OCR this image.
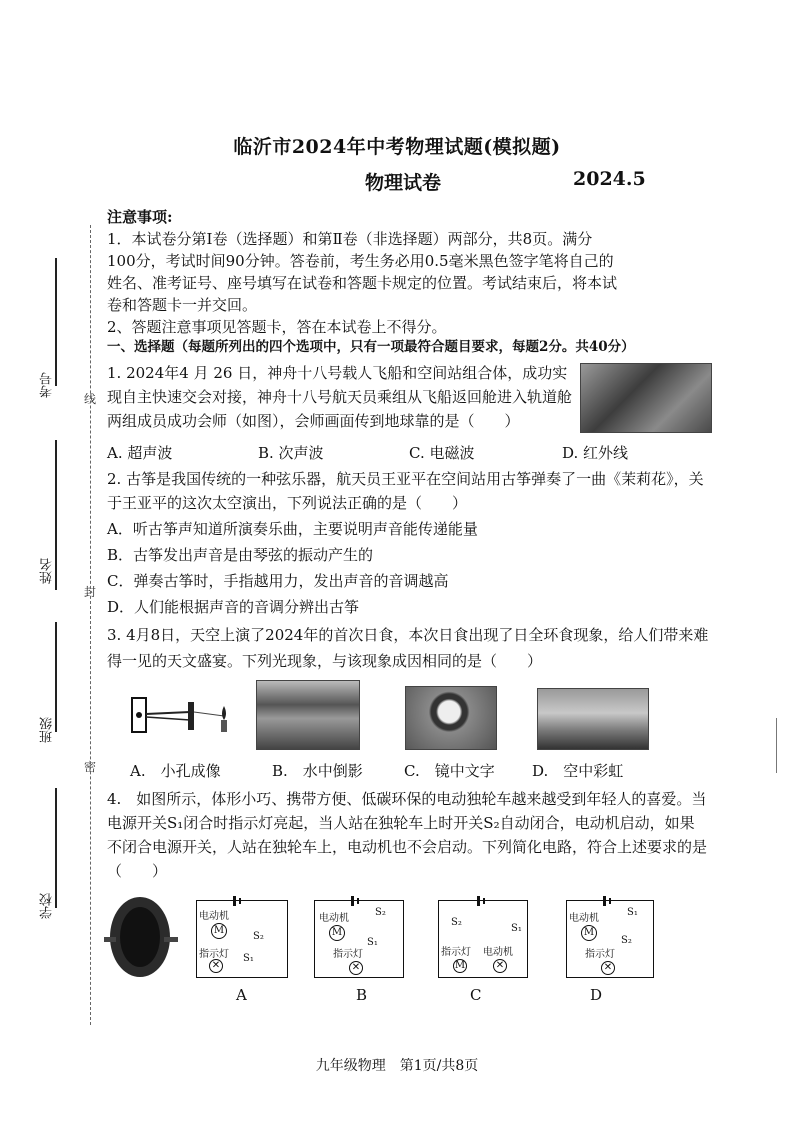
临沂市2024年中考物理试题(模拟题)
物理试卷	2024.5
考号
姓名
班级
学校
线
封
密
注意事项:
1．本试卷分第Ⅰ卷（选择题）和第Ⅱ卷（非选择题）两部分，共8页。满分
100分，考试时间90分钟。答卷前，考生务必用0.5毫米黑色签字笔将自己的
姓名、准考证号、座号填写在试卷和答题卡规定的位置。考试结束后，将本试
卷和答题卡一并交回。
2、答题注意事项见答题卡，答在本试卷上不得分。
一、选择题（每题所列出的四个选项中，只有一项最符合题目要求，每题2分。共40分）
1. 2024年4 月 26 日，神舟十八号载人飞船和空间站组合体，成功实
现自主快速交会对接，神舟十八号航天员乘组从飞船返回舱进入轨道舱
两组成员成功会师（如图），会师画面传到地球靠的是（　　）
A. 超声波	B. 次声波	C. 电磁波	D. 红外线
2. 古筝是我国传统的一种弦乐器，航天员王亚平在空间站用古筝弹奏了一曲《茉莉花》，关
于王亚平的这次太空演出，下列说法正确的是（　　）
A．听古筝声知道所演奏乐曲，主要说明声音能传递能量
B．古筝发出声音是由琴弦的振动产生的
C．弹奏古筝时，手指越用力，发出声音的音调越高
D．人们能根据声音的音调分辨出古筝
3. 4月8日，天空上演了2024年的首次日食，本次日食出现了日全环食现象，给人们带来难
得一见的天文盛宴。下列光现象，与该现象成因相同的是（　　）
A.　小孔成像	B.　水中倒影	C.　镜中文字 D.　空中彩虹
4.　如图所示，体形小巧、携带方便、低碳环保的电动独轮车越来越受到年轻人的喜爱。当
电源开关S₁闭合时指示灯亮起，当人站在独轮车上时开关S₂自动闭合，电动机启动，如果
不闭合电源开关，人站在独轮车上，电动机也不会启动。下列简化电路，符合上述要求的是
（　　）
电动机
M
S₂
指示灯
✕
S₁
A
电动机
S₂
M
S₁
指示灯
✕
B
S₂
S₁
指示灯 电动机
M	✕
C
电动机
S₁
M
S₂
指示灯
✕
D
九年级物理　第1页/共8页
